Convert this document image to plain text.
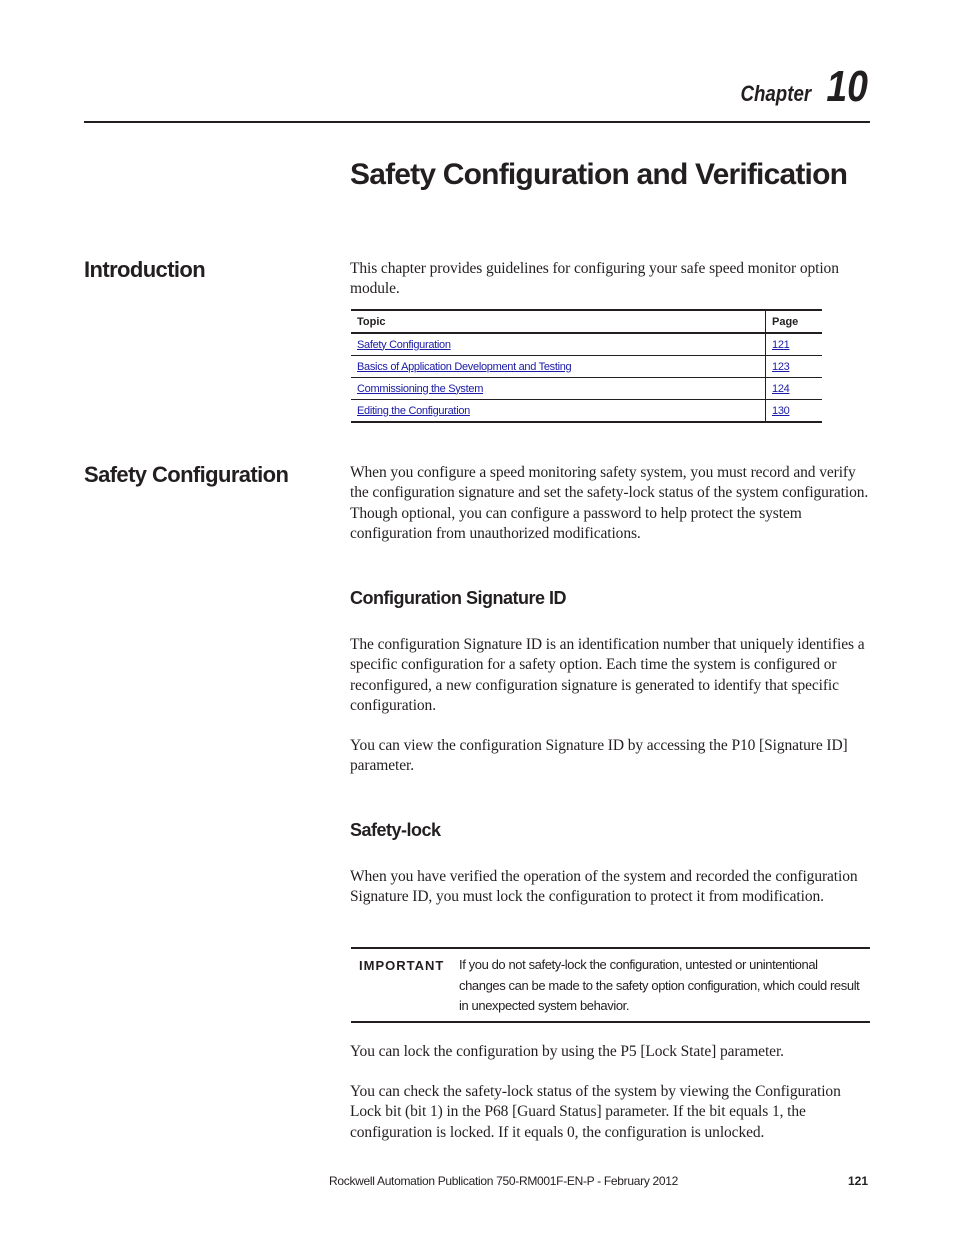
Chapter 10
Safety Configuration and Verification
Introduction	This chapter provides guidelines for configuring your safe speed monitor option module.

Topic	Page
Safety Configuration	121
Basics of Application Development and Testing	123
Commissioning the System	124
Editing the Configuration	130
Safety Configuration	When you configure a speed monitoring safety system, you must record and verify the configuration signature and set the safety-lock status of the system configuration. Though optional, you can configure a password to help protect the system configuration from unauthorized modifications.

Configuration Signature ID

The configuration Signature ID is an identification number that uniquely identifies a specific configuration for a safety option. Each time the system is configured or reconfigured, a new configuration signature is generated to identify that specific configuration.

You can view the configuration Signature ID by accessing the P10 [Signature ID] parameter.

Safety-lock

When you have verified the operation of the system and recorded the configuration Signature ID, you must lock the configuration to protect it from modification.

IMPORTANT If you do not safety-lock the configuration, untested or unintentional changes can be made to the safety option configuration, which could result in unexpected system behavior.

You can lock the configuration by using the P5 [Lock State] parameter.

You can check the safety-lock status of the system by viewing the Configuration Lock bit (bit 1) in the P68 [Guard Status] parameter. If the bit equals 1, the configuration is locked. If it equals 0, the configuration is unlocked.

Rockwell Automation Publication 750-RM001F-EN-P - February 2012	121
